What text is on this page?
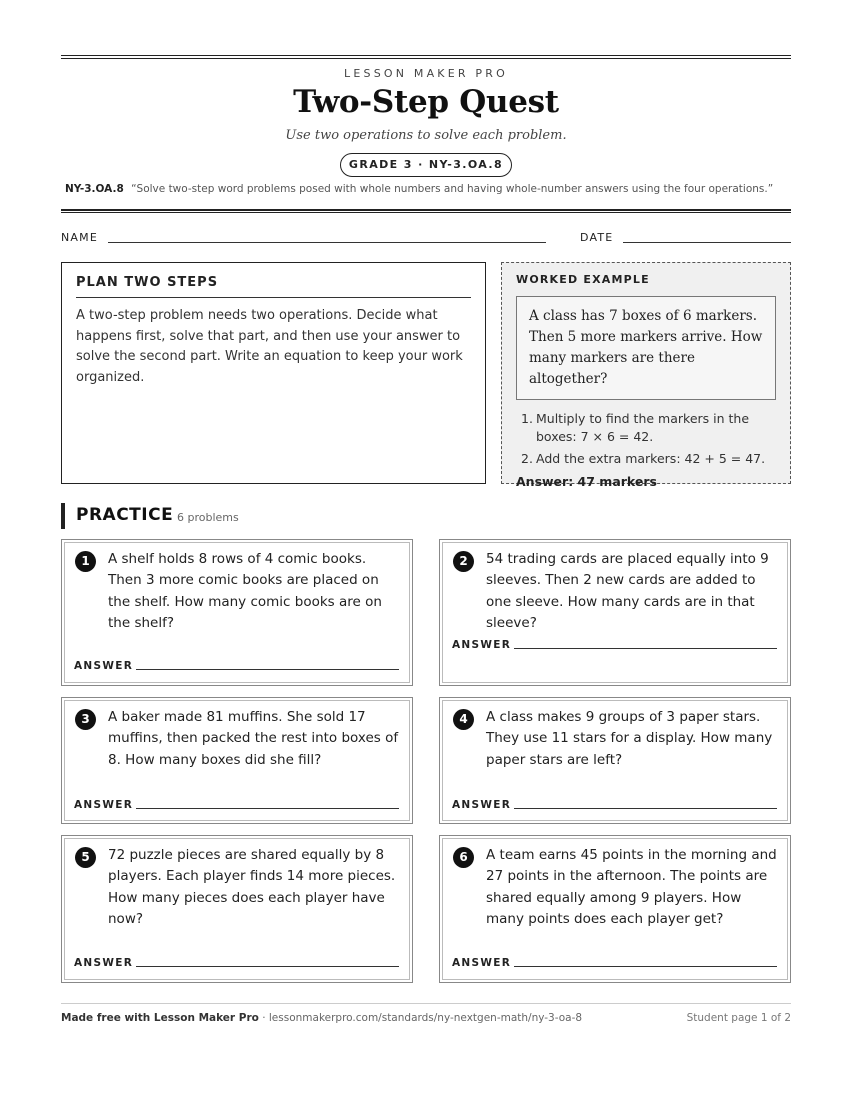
LESSON MAKER PRO
Two-Step Quest
Use two operations to solve each problem.
GRADE 3 · NY-3.OA.8
NY-3.OA.8 “Solve two-step word problems posed with whole numbers and having whole-number answers using the four operations.”
NAME	DATE
PLAN TWO STEPS
A two-step problem needs two operations. Decide what happens first, solve that part, and then use your answer to solve the second part. Write an equation to keep your work organized.
WORKED EXAMPLE
A class has 7 boxes of 6 markers. Then 5 more markers arrive. How many markers are there altogether?
1. Multiply to find the markers in the boxes: 7 × 6 = 42.
2. Add the extra markers: 42 + 5 = 47.
Answer: 47 markers
PRACTICE 6 problems
1	A shelf holds 8 rows of 4 comic books. Then 3 more comic books are placed on the shelf. How many comic books are on the shelf?
ANSWER
2	54 trading cards are placed equally into 9 sleeves. Then 2 new cards are added to one sleeve. How many cards are in that sleeve?
ANSWER
3	A baker made 81 muffins. She sold 17 muffins, then packed the rest into boxes of 8. How many boxes did she fill?
ANSWER
4	A class makes 9 groups of 3 paper stars. They use 11 stars for a display. How many paper stars are left?
ANSWER
5	72 puzzle pieces are shared equally by 8 players. Each player finds 14 more pieces. How many pieces does each player have now?
ANSWER
6	A team earns 45 points in the morning and 27 points in the afternoon. The points are shared equally among 9 players. How many points does each player get?
ANSWER
Made free with Lesson Maker Pro · lessonmakerpro.com/standards/ny-nextgen-math/ny-3-oa-8	Student page 1 of 2
